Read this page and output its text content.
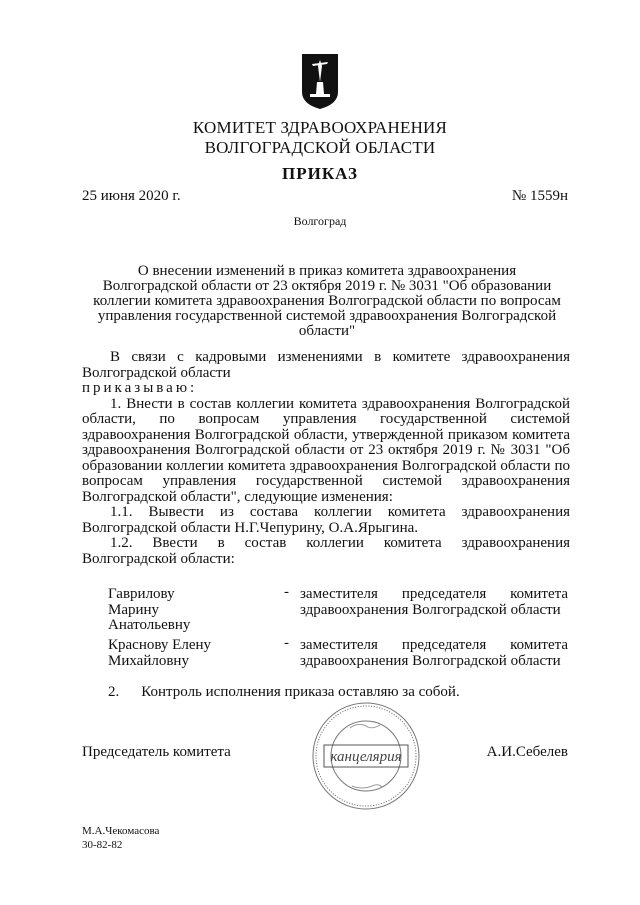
КОМИТЕТ ЗДРАВООХРАНЕНИЯ
ВОЛГОГРАДСКОЙ ОБЛАСТИ
ПРИКАЗ
25 июня 2020 г.	№ 1559н
Волгоград
О внесении изменений в приказ комитета здравоохранения
Волгоградской области от 23 октября 2019 г. № 3031 "Об образовании
коллегии комитета здравоохранения Волгоградской области по вопросам
управления государственной системой здравоохранения Волгоградской
области"

В связи с кадровыми изменениями в комитете здравоохранения Волгоградской области

приказываю:

1. Внести в состав коллегии комитета здравоохранения Волгоградской области, по вопросам управления государственной системой здравоохранения Волгоградской области, утвержденной приказом комитета здравоохранения Волгоградской области от 23 октября 2019 г. № 3031 "Об образовании коллегии комитета здравоохранения Волгоградской области по вопросам управления государственной системой здравоохранения Волгоградской области", следующие изменения:

1.1. Вывести из состава коллегии комитета здравоохранения Волгоградской области Н.Г.Чепурину, О.А.Ярыгина.

1.2. Ввести в состав коллегии комитета здравоохранения Волгоградской области:

Гаврилову
Марину
Анатольевну
- заместителя председателя комитета здравоохранения Волгоградской области
Краснову Елену
Михайловну
- заместителя председателя комитета здравоохранения Волгоградской области
2. Контроль исполнения приказа оставляю за собой.
Председатель комитета	канцелярия	А.И.Себелев
М.А.Чекомасова
30-82-82
